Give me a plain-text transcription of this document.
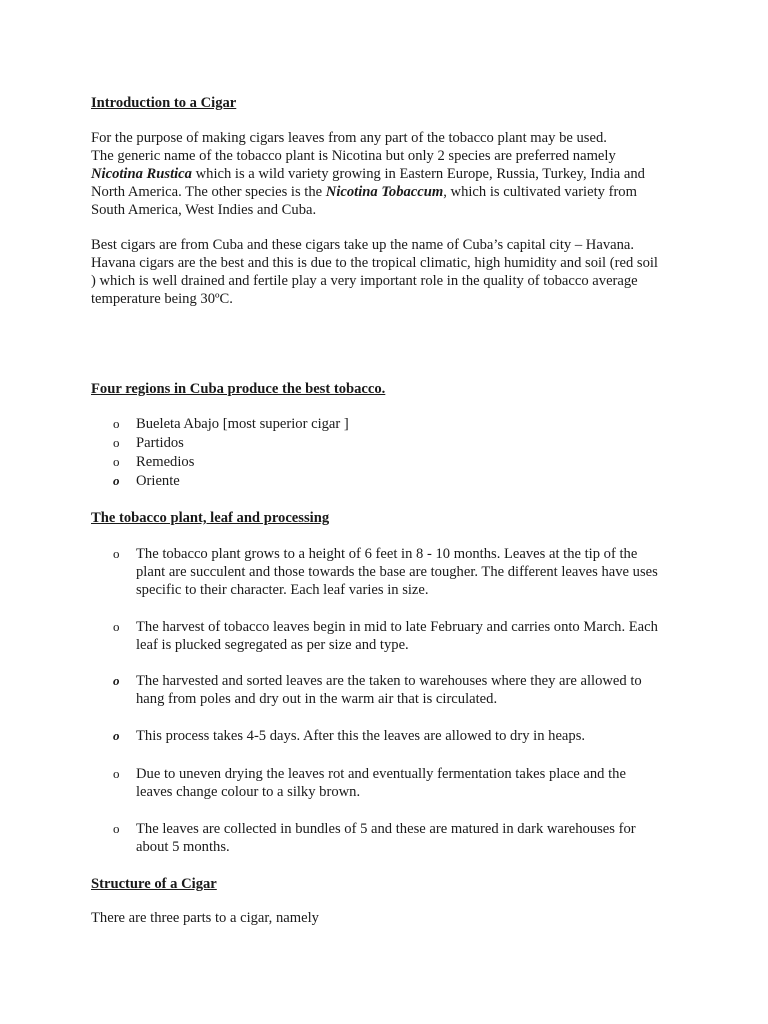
Introduction to a Cigar

For the purpose of making cigars leaves from any part of the tobacco plant may be used.

The generic name of the tobacco plant is Nicotina but only 2 species are preferred namely

Nicotina Rustica which is a wild variety growing in Eastern Europe, Russia, Turkey, India and

North America. The other species is the Nicotina Tobaccum, which is cultivated variety from

South America, West Indies and Cuba.

Best cigars are from Cuba and these cigars take up the name of Cuba’s capital city – Havana.

Havana cigars are the best and this is due to the tropical climatic, high humidity and soil (red soil

) which is well drained and fertile play a very important role in the quality of tobacco average

temperature being 30ºC.

Four regions in Cuba produce the best tobacco.
o Bueleta Abajo [most superior cigar ]
o Partidos
o Remedios
o Oriente
The tobacco plant, leaf and processing
o The tobacco plant grows to a height of 6 feet in 8 - 10 months. Leaves at the tip of the
plant are succulent and those towards the base are tougher. The different leaves have uses
specific to their character. Each leaf varies in size.
o The harvest of tobacco leaves begin in mid to late February and carries onto March. Each
leaf is plucked segregated as per size and type.
o The harvested and sorted leaves are the taken to warehouses where they are allowed to
hang from poles and dry out in the warm air that is circulated.
o This process takes 4-5 days. After this the leaves are allowed to dry in heaps.
o Due to uneven drying the leaves rot and eventually fermentation takes place and the
leaves change colour to a silky brown.
o The leaves are collected in bundles of 5 and these are matured in dark warehouses for
about 5 months.
Structure of a Cigar

There are three parts to a cigar, namely
